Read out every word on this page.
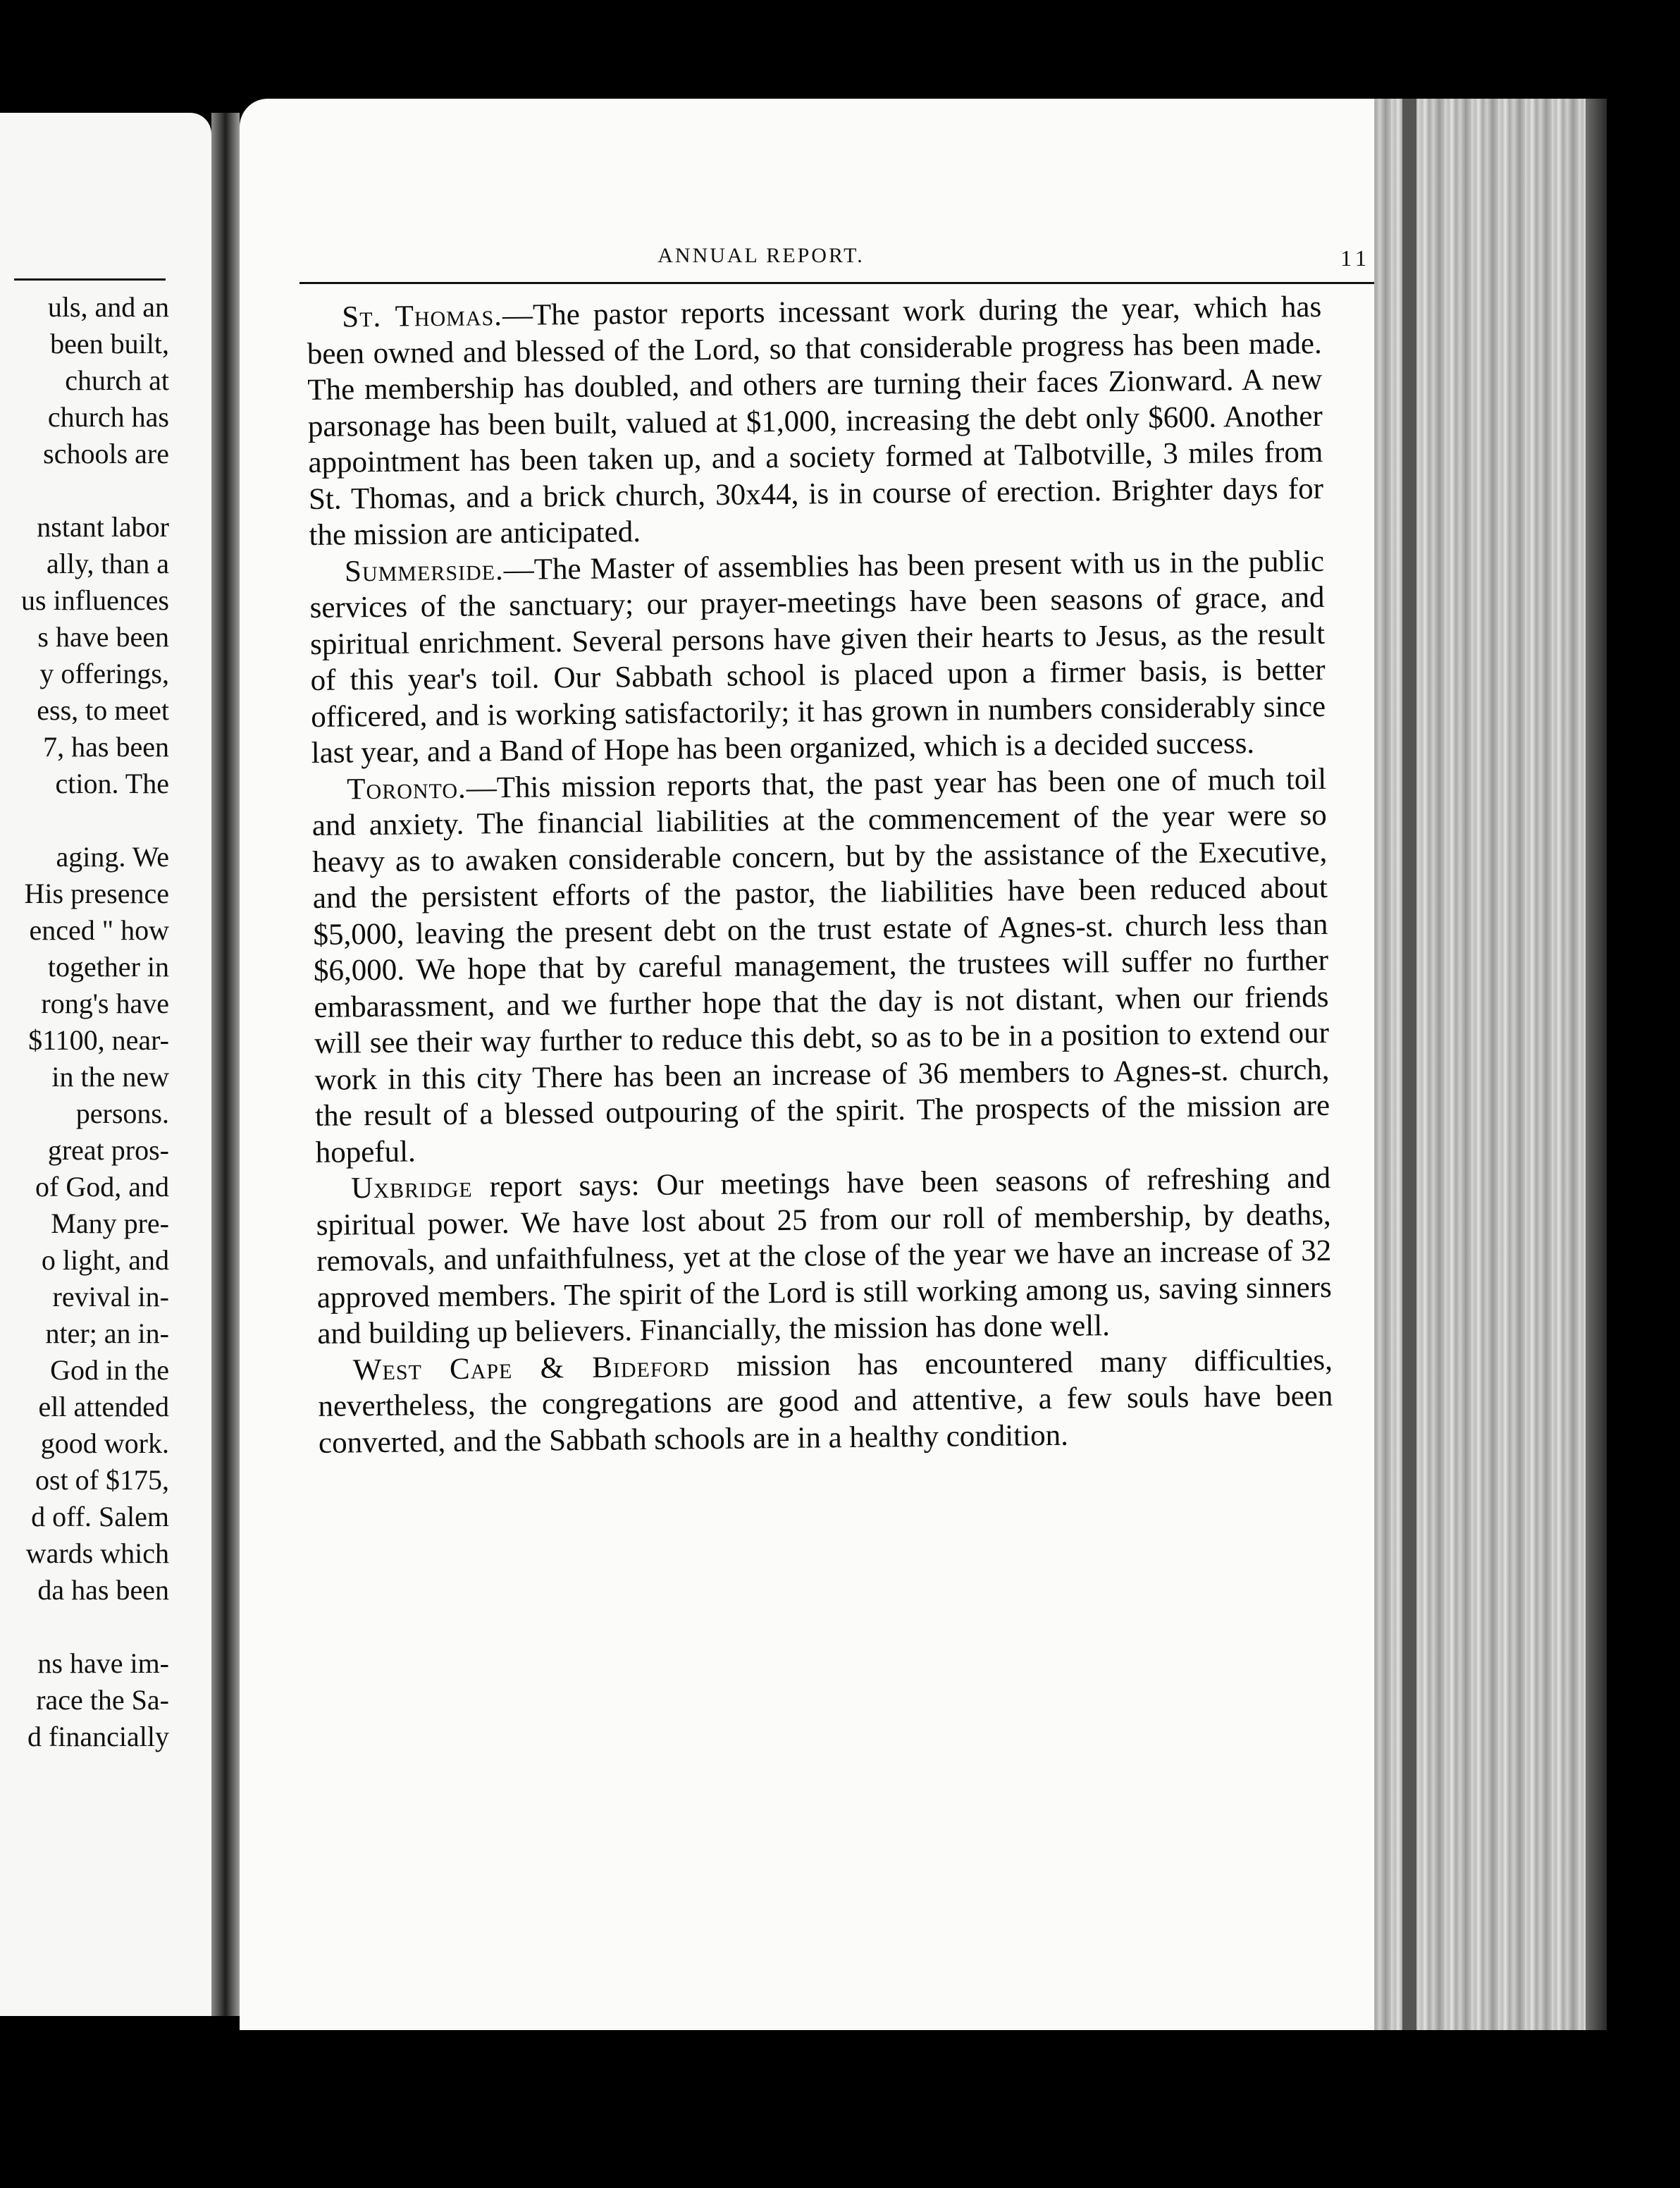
uls, and an
been built,
church at
church has
schools are
nstant labor
ally, than a
us influences
s have been
y offerings,
ess, to meet
7, has been
ction. The
aging. We
His presence
enced " how
together in
rong's have
$1100, near-
in the new
persons.
great pros-
of God, and
Many pre-
o light, and
revival in-
nter; an in-
God in the
ell attended
good work.
ost of $175,
d off. Salem
wards which
da has been
ns have im-
race the Sa-
d financially
ANNUAL REPORT.	11

St. Thomas.—The pastor reports incessant work during the year, which has been owned and blessed of the Lord, so that considerable progress has been made. The membership has doubled, and others are turning their faces Zionward. A new parsonage has been built, valued at $1,000, increasing the debt only $600. Another appointment has been taken up, and a society formed at Talbotville, 3 miles from St. Thomas, and a brick church, 30x44, is in course of erection. Brighter days for the mission are anticipated.

Summerside.—The Master of assemblies has been present with us in the public services of the sanctuary; our prayer-meetings have been seasons of grace, and spiritual enrichment. Several persons have given their hearts to Jesus, as the result of this year's toil. Our Sabbath school is placed upon a firmer basis, is better officered, and is working satisfactorily; it has grown in numbers considerably since last year, and a Band of Hope has been organized, which is a decided success.

Toronto.—This mission reports that, the past year has been one of much toil and anxiety. The financial liabilities at the commencement of the year were so heavy as to awaken considerable concern, but by the assistance of the Executive, and the persistent efforts of the pastor, the liabilities have been reduced about $5,000, leaving the present debt on the trust estate of Agnes-st. church less than $6,000. We hope that by careful management, the trustees will suffer no further embarassment, and we further hope that the day is not distant, when our friends will see their way further to reduce this debt, so as to be in a position to extend our work in this city There has been an increase of 36 members to Agnes-st. church, the result of a blessed outpouring of the spirit. The prospects of the mission are hopeful.

Uxbridge report says: Our meetings have been seasons of refreshing and spiritual power. We have lost about 25 from our roll of membership, by deaths, removals, and unfaithfulness, yet at the close of the year we have an increase of 32 approved members. The spirit of the Lord is still working among us, saving sinners and building up believers. Financially, the mission has done well.

West Cape & Bideford mission has encountered many difficulties, nevertheless, the congregations are good and attentive, a few souls have been converted, and the Sabbath schools are in a healthy condition.
